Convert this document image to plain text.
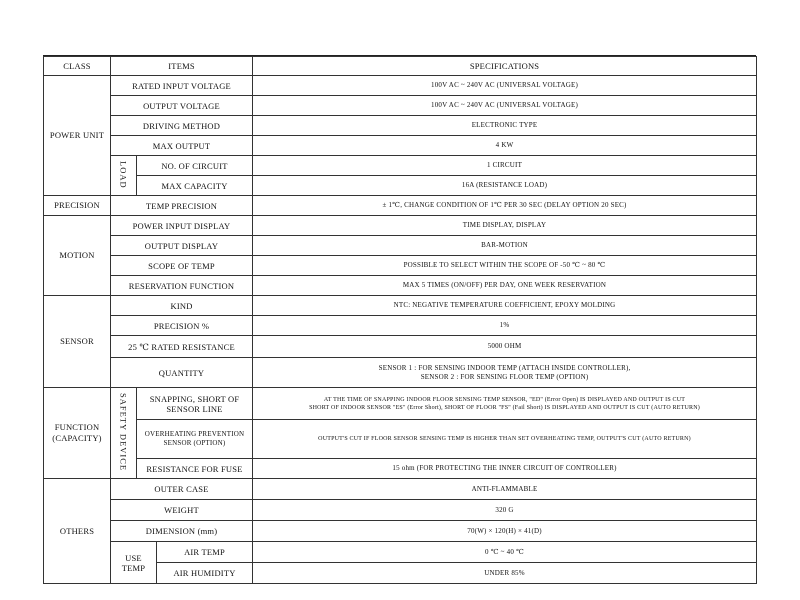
CLASS	ITEMS			SPECIFICATIONS
POWER UNIT	RATED INPUT VOLTAGE			100V AC ~ 240V AC (UNIVERSAL VOLTAGE)
	OUTPUT VOLTAGE			100V AC ~ 240V AC (UNIVERSAL VOLTAGE)
	DRIVING METHOD			ELECTRONIC TYPE
	MAX OUTPUT			4 KW
	LOAD	NO. OF CIRCUIT		1 CIRCUIT
		MAX CAPACITY		16A (RESISTANCE LOAD)
PRECISION	TEMP PRECISION			± 1℃, CHANGE CONDITION OF 1℃ PER 30 SEC (DELAY OPTION 20 SEC)
MOTION	POWER INPUT DISPLAY			TIME DISPLAY, DISPLAY
	OUTPUT DISPLAY			BAR-MOTION
	SCOPE OF TEMP			POSSIBLE TO SELECT WITHIN THE SCOPE OF -50 ℃ ~ 80 ℃
	RESERVATION FUNCTION			MAX 5 TIMES (ON/OFF) PER DAY, ONE WEEK RESERVATION
SENSOR	KIND			NTC: NEGATIVE TEMPERATURE COEFFICIENT, EPOXY MOLDING
	PRECISION %			1%
	25 ℃ RATED RESISTANCE			5000 OHM
	QUANTITY			SENSOR 1 : FOR SENSING INDOOR TEMP (ATTACH INSIDE CONTROLLER),
SENSOR 2 : FOR SENSING FLOOR TEMP (OPTION)

FUNCTION (CAPACITY)	SAFETY DEVICE	SNAPPING, SHORT OF SENSOR LINE		AT THE TIME OF SNAPPING INDOOR FLOOR SENSING TEMP SENSOR, "ED" (Error Open) IS DISPLAYED AND OUTPUT IS CUT
SHORT OF INDOOR SENSOR "ES" (Error Short), SHORT OF FLOOR "FS" (Fail Short) IS DISPLAYED AND OUTPUT IS CUT (AUTO RETURN)

		OVERHEATING PREVENTION SENSOR (OPTION)		OUTPUT'S CUT IF FLOOR SENSOR SENSING TEMP IS HIGHER THAN SET OVERHEATING TEMP, OUTPUT'S CUT (AUTO RETURN)
		RESISTANCE FOR FUSE		15 ohm (FOR PROTECTING THE INNER CIRCUIT OF CONTROLLER)
OTHERS	OUTER CASE			ANTI-FLAMMABLE
	WEIGHT			320 G
	DIMENSION (mm)			70(W) × 120(H) × 41(D)
	USE TEMP		AIR TEMP	0 ℃ ~ 40 ℃
			AIR HUMIDITY	UNDER 85%
